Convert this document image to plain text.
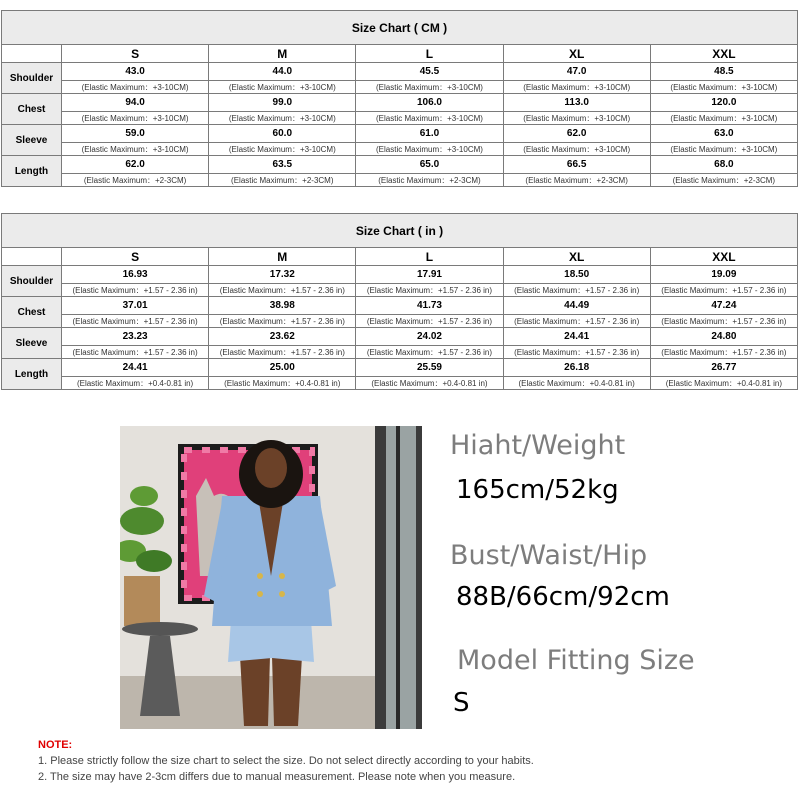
Size Chart ( CM )					
	S	M	L	XL	XXL
Shoulder	43.0	44.0	45.5	47.0	48.5
	(Elastic Maximum：+3-10CM)	(Elastic Maximum：+3-10CM)	(Elastic Maximum：+3-10CM)	(Elastic Maximum：+3-10CM)	(Elastic Maximum：+3-10CM)
Chest	94.0	99.0	106.0	113.0	120.0
	(Elastic Maximum：+3-10CM)	(Elastic Maximum：+3-10CM)	(Elastic Maximum：+3-10CM)	(Elastic Maximum：+3-10CM)	(Elastic Maximum：+3-10CM)
Sleeve	59.0	60.0	61.0	62.0	63.0
	(Elastic Maximum：+3-10CM)	(Elastic Maximum：+3-10CM)	(Elastic Maximum：+3-10CM)	(Elastic Maximum：+3-10CM)	(Elastic Maximum：+3-10CM)
Length	62.0	63.5	65.0	66.5	68.0
	(Elastic Maximum：+2-3CM)	(Elastic Maximum：+2-3CM)	(Elastic Maximum：+2-3CM)	(Elastic Maximum：+2-3CM)	(Elastic Maximum：+2-3CM)
Size Chart ( in )					
	S	M	L	XL	XXL
Shoulder	16.93	17.32	17.91	18.50	19.09
	(Elastic Maximum：+1.57 - 2.36 in)	(Elastic Maximum：+1.57 - 2.36 in)	(Elastic Maximum：+1.57 - 2.36 in)	(Elastic Maximum：+1.57 - 2.36 in)	(Elastic Maximum：+1.57 - 2.36 in)
Chest	37.01	38.98	41.73	44.49	47.24
	(Elastic Maximum：+1.57 - 2.36 in)	(Elastic Maximum：+1.57 - 2.36 in)	(Elastic Maximum：+1.57 - 2.36 in)	(Elastic Maximum：+1.57 - 2.36 in)	(Elastic Maximum：+1.57 - 2.36 in)
Sleeve	23.23	23.62	24.02	24.41	24.80
	(Elastic Maximum：+1.57 - 2.36 in)	(Elastic Maximum：+1.57 - 2.36 in)	(Elastic Maximum：+1.57 - 2.36 in)	(Elastic Maximum：+1.57 - 2.36 in)	(Elastic Maximum：+1.57 - 2.36 in)
Length	24.41	25.00	25.59	26.18	26.77
	(Elastic Maximum：+0.4-0.81 in)	(Elastic Maximum：+0.4-0.81 in)	(Elastic Maximum：+0.4-0.81 in)	(Elastic Maximum：+0.4-0.81 in)	(Elastic Maximum：+0.4-0.81 in)
Hiaht/Weight
165cm/52kg
Bust/Waist/Hip
88B/66cm/92cm
Model Fitting Size
S
NOTE:
1. Please strictly follow the size chart to select the size. Do not select directly according to your habits.
2. The size may have 2-3cm differs due to manual measurement. Please note when you measure.
